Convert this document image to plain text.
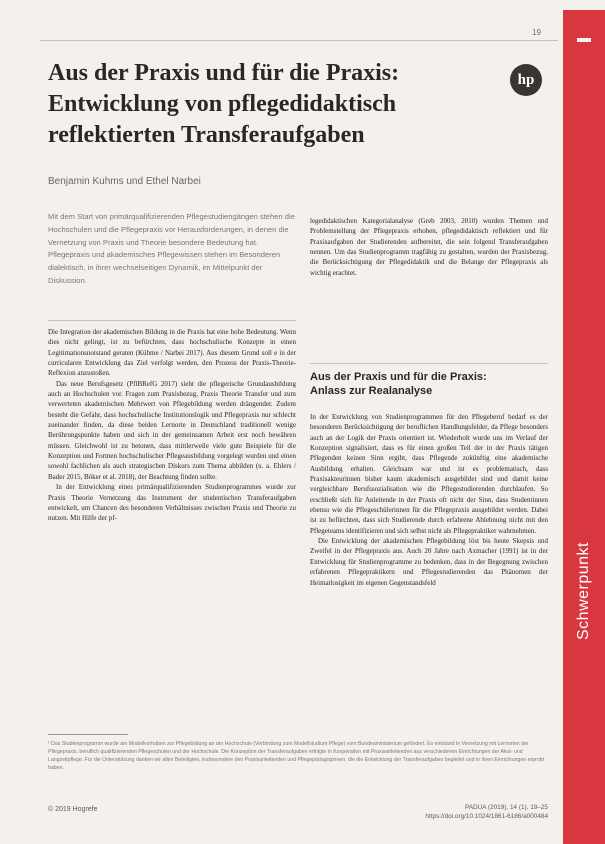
19
Schwerpunkt
hp
Aus der Praxis und für die Praxis:
Entwicklung von pflegedidaktisch
reflektierten Transferaufgaben
Benjamin Kuhms und Ethel Narbei

Mit dem Start von primärqualifizierenden Pflegestudiengängen stehen die Hochschulen und die Pflegepraxis vor Herausforderungen, in denen die Vernetzung von Praxis und Theorie besondere Bedeutung hat. Pflegepraxis und akademisches Pflegewissen stehen im Besonderen dialektisch, in ihrer wechselseitigen Dynamik, im Mittelpunkt der Diskussion.

Die Integration der akademischen Bildung in die Praxis hat eine hohe Bedeutung. Wenn dies nicht gelingt, ist zu befürchten, dass hochschulische Konzepte in einen Legitimationsnotstand geraten (Kühme / Narbei 2017). Aus diesem Grund soll e in der curricularen Entwicklung das Ziel verfolgt werden, den Prozess der Praxis-Theorie-Reflexion anzustoßen.

Das neue Berufsgesetz (PflBRefG 2017) sieht die pflegerische Grundausbildung auch an Hochschulen vor. Fragen zum Praxisbezug, Praxis Theorie Transfer und zum verwerteten akademischen Mehrwert von Pflegebildung werden drängender. Zudem besteht die Gefahr, dass hochschulische Institutionslogik und Pflegepraxis nur schlecht zueinander finden, da diese beiden Lernorte in Deutschland traditionell wenige Berührungspunkte haben und sich in der gemeinsamen Arbeit erst noch bewähren müssen. Gleichwohl ist zu betonen, dass mittlerweile viele gute Beispiele für die Konzeption und Formen hochschulischer Pflegeausbildung vorgelegt wurden und einen sowohl fachlichen als auch strategischen Diskurs zum Thema abbilden (u. a. Ehlers / Bader 2015, Böker et al. 2018), der Beachtung finden sollte.

In der Entwicklung eines primärqualifizierenden Studienprogrammes wurde zur Praxis Theorie Vernetzung das Instrument der studentischen Transferaufgaben entwickelt, um Chancen des besonderen Verhältnisses zwischen Praxis und Theorie zu nutzen. Mit Hilfe der pf-

legedidaktischen Kategorialanalyse (Greb 2003, 2010) wurden Themen und Problemstellung der Pflegepraxis erhoben, pflegedidaktisch reflektiert und für Praxisaufgaben der Studierenden aufbereitet, die sein folgend Transferaufgaben nennen. Um das Studienprogramm tragfähig zu gestalten, wurden der Praxisbezug, die Berücksichtigung der Pflegedidaktik und die Belange der Pflegepraxis als wichtig erachtet.

Aus der Praxis und für die Praxis:
Anlass zur Realanalyse

In der Entwicklung von Studienprogrammen für den Pflegeberuf bedarf es der besonderen Berücksichtigung der beruflichen Handlungsfelder, da Pflege besonders auch an der Logik der Praxis orientiert ist. Wiederholt wurde uns im Verlauf der Konzeption signalisiert, dass es für einen großen Teil der in der Praxis tätigen Pflegenden keinen Sinn ergibt, dass Pflegende zukünftig eine akademische Ausbildung erhalten. Gleichsam war und ist es problematisch, dass Praxisakteurinnen bisher kaum akademisch ausgebildet sind und damit keine vergleichbare Berufssozialisation wie die Pflegestudierenden durchlaufen. So erschließt sich für Anleitende in der Praxis oft nicht der Sinn, dass Studentinnen ebenso wie die Pflegeschülerinnen für die Pflegepraxis ausgebildet werden. Dabei ist zu befürchten, dass sich Studierende durch erfahrene Ablehnung nicht mit den Pflegeteams identifizieren und sich selbst nicht als Pflegepraktiker wahrnehmen.

Die Entwicklung der akademischen Pflegebildung löst bis heute Skepsis und Zweifel in der Pflegepraxis aus. Auch 20 Jahre nach Axmacher (1991) ist in der Entwicklung für Studienprogramme zu bedenken, dass in der Begegnung zwischen erfahrenen Pflegepraktikern und Pflegestudierenden das Phänomen der Heimatlosigkeit im eigenen Gegenstandsfeld

¹ Das Studienprogramm wurde am Modellvorhaben zur Pflegebildung an der Hochschule (Verbindung zum Modellstudium Pflege) vom Bundesministerium gefördert. Es entstand in Vernetzung mit Lernorten der Pflegepraxis, beruflich qualifizierenden Pflegeschulen und der Hochschule. Die Konzeption der Transferaufgaben erfolgte in Kooperation mit Praxisanleitenden aus verschiedenen Einrichtungen der Akut- und Langzeitpflege. Für die Unterstützung danken wir allen Beteiligten, insbesondere den Praxisanleitenden und Pflegepädagoginnen, die die Entwicklung der Transferaufgaben begleitet und in ihren Einrichtungen erprobt haben.

© 2019 Hogrefe	PADUA (2019), 14 (1), 19–25
https://doi.org/10.1024/1861-6186/a000484
